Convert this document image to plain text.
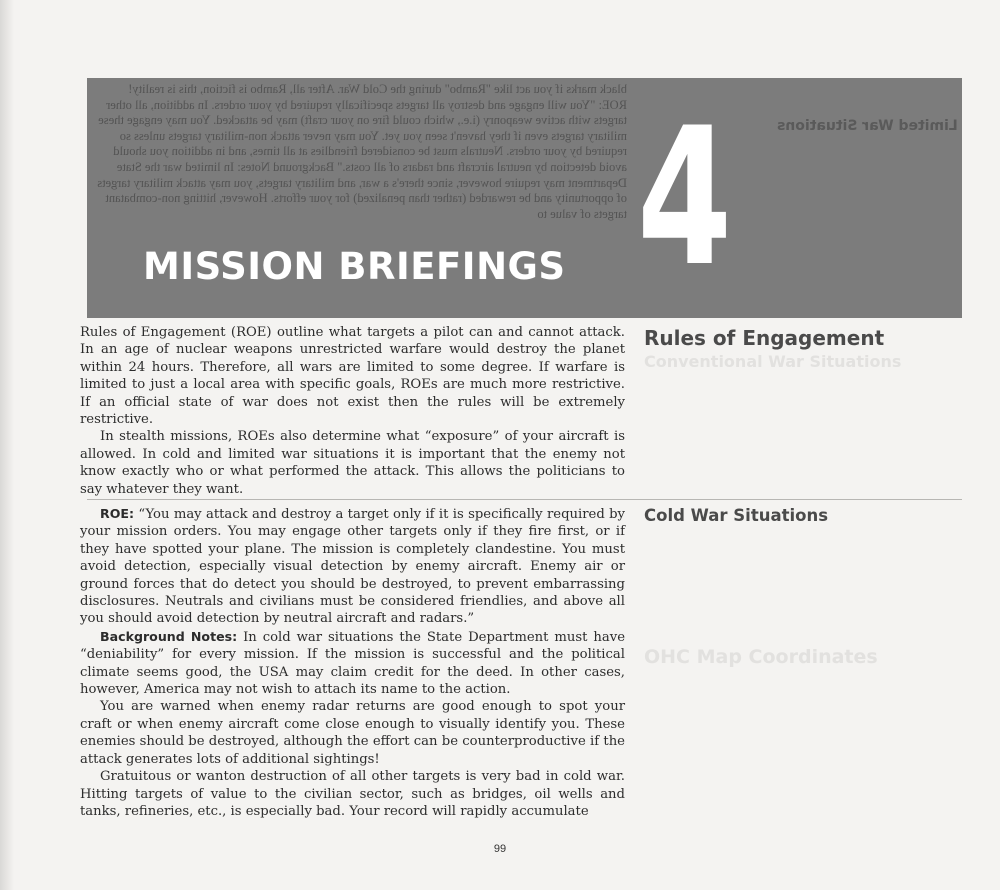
black marks if you act like "Rambo" during the Cold War. After all, Rambo is fiction, this is reality! ROE: "You will engage and destroy all targets specifically required by your orders. In addition, all other targets with active weaponry (i.e., which could fire on your craft) may be attacked. You may engage these military targets even if they haven't seen you yet. You may never attack non-military targets unless so required by your orders. Neutrals must be considered friendlies at all times, and in addition you should avoid detection by neutral aircraft and radars of all costs." Background Notes: In limited war the State Department may require however, since there's a war, and military targets, you may attack military targets of opportunity and be rewarded (rather than penalized) for your efforts. However, hitting non-combatant targets of value to

Limited War Situations
4
MISSION BRIEFINGS
Conventional War Situations
OHC Map Coordinates
Rules of Engagement

Rules of Engagement (ROE) outline what targets a pilot can and cannot attack. In an age of nuclear weapons unrestricted warfare would destroy the planet within 24 hours. Therefore, all wars are limited to some degree. If warfare is limited to just a local area with specific goals, ROEs are much more restrictive. If an official state of war does not exist then the rules will be extremely restrictive.

In stealth missions, ROEs also determine what “exposure” of your aircraft is allowed. In cold and limited war situations it is important that the enemy not know exactly who or what performed the attack. This allows the politicians to say whatever they want.

Cold War Situations

ROE: “You may attack and destroy a target only if it is specifically required by your mission orders. You may engage other targets only if they fire first, or if they have spotted your plane. The mission is completely clandestine. You must avoid detection, especially visual detection by enemy aircraft. Enemy air or ground forces that do detect you should be destroyed, to prevent embarrassing disclosures. Neutrals and civilians must be considered friendlies, and above all you should avoid detection by neutral aircraft and radars.”

Background Notes: In cold war situations the State Department must have “deniability” for every mission. If the mission is successful and the political climate seems good, the USA may claim credit for the deed. In other cases, however, America may not wish to attach its name to the action.

You are warned when enemy radar returns are good enough to spot your craft or when enemy aircraft come close enough to visually identify you. These enemies should be destroyed, although the effort can be counterproductive if the attack generates lots of additional sightings!

Gratuitous or wanton destruction of all other targets is very bad in cold war. Hitting targets of value to the civilian sector, such as bridges, oil wells and tanks, refineries, etc., is especially bad. Your record will rapidly accumulate

99
